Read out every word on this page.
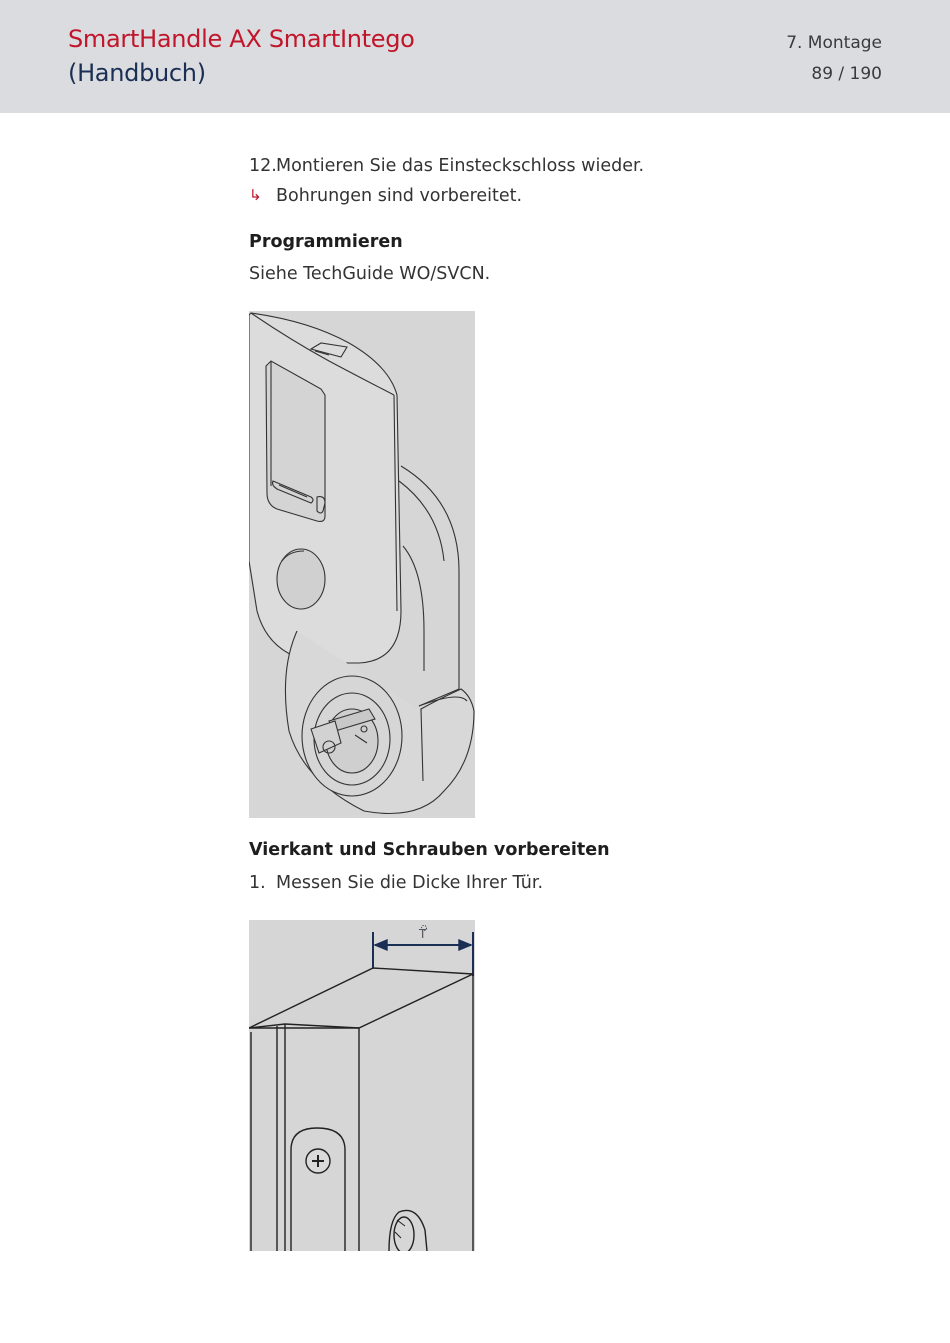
SmartHandle AX SmartIntego
(Handbuch)
7. Montage
89 / 190
12. Montieren Sie das Einsteckschloss wieder.
↳ Bohrungen sind vorbereitet.
Programmieren
Siehe TechGuide WO/SVCN.
Vierkant und Schrauben vorbereiten
1. Messen Sie die Dicke Ihrer Tür.
T
